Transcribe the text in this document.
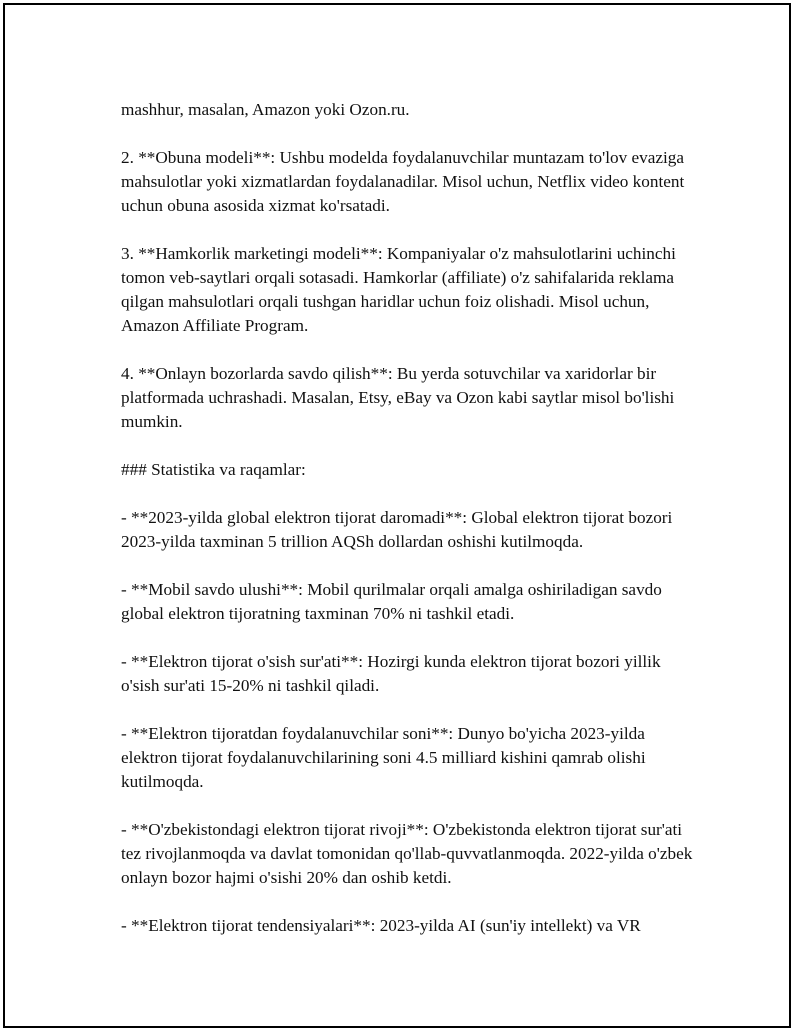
mashhur, masalan, Amazon yoki Ozon.ru.

2. **Obuna modeli**: Ushbu modelda foydalanuvchilar muntazam to'lov evaziga mahsulotlar yoki xizmatlardan foydalanadilar. Misol uchun, Netflix video kontent uchun obuna asosida xizmat ko'rsatadi.

3. **Hamkorlik marketingi modeli**: Kompaniyalar o'z mahsulotlarini uchinchi tomon veb-saytlari orqali sotasadi. Hamkorlar (affiliate) o'z sahifalarida reklama qilgan mahsulotlari orqali tushgan haridlar uchun foiz olishadi. Misol uchun, Amazon Affiliate Program.

4. **Onlayn bozorlarda savdo qilish**: Bu yerda sotuvchilar va xaridorlar bir platformada uchrashadi. Masalan, Etsy, eBay va Ozon kabi saytlar misol bo'lishi mumkin.

### Statistika va raqamlar:

- **2023-yilda global elektron tijorat daromadi**: Global elektron tijorat bozori 2023-yilda taxminan 5 trillion AQSh dollardan oshishi kutilmoqda.

- **Mobil savdo ulushi**: Mobil qurilmalar orqali amalga oshiriladigan savdo global elektron tijoratning taxminan 70% ni tashkil etadi.

- **Elektron tijorat o'sish sur'ati**: Hozirgi kunda elektron tijorat bozori yillik o'sish sur'ati 15-20% ni tashkil qiladi.

- **Elektron tijoratdan foydalanuvchilar soni**: Dunyo bo'yicha 2023-yilda elektron tijorat foydalanuvchilarining soni 4.5 milliard kishini qamrab olishi kutilmoqda.

- **O'zbekistondagi elektron tijorat rivoji**: O'zbekistonda elektron tijorat sur'ati tez rivojlanmoqda va davlat tomonidan qo'llab-quvvatlanmoqda. 2022-yilda o'zbek onlayn bozor hajmi o'sishi 20% dan oshib ketdi.

- **Elektron tijorat tendensiyalari**: 2023-yilda AI (sun'iy intellekt) va VR
